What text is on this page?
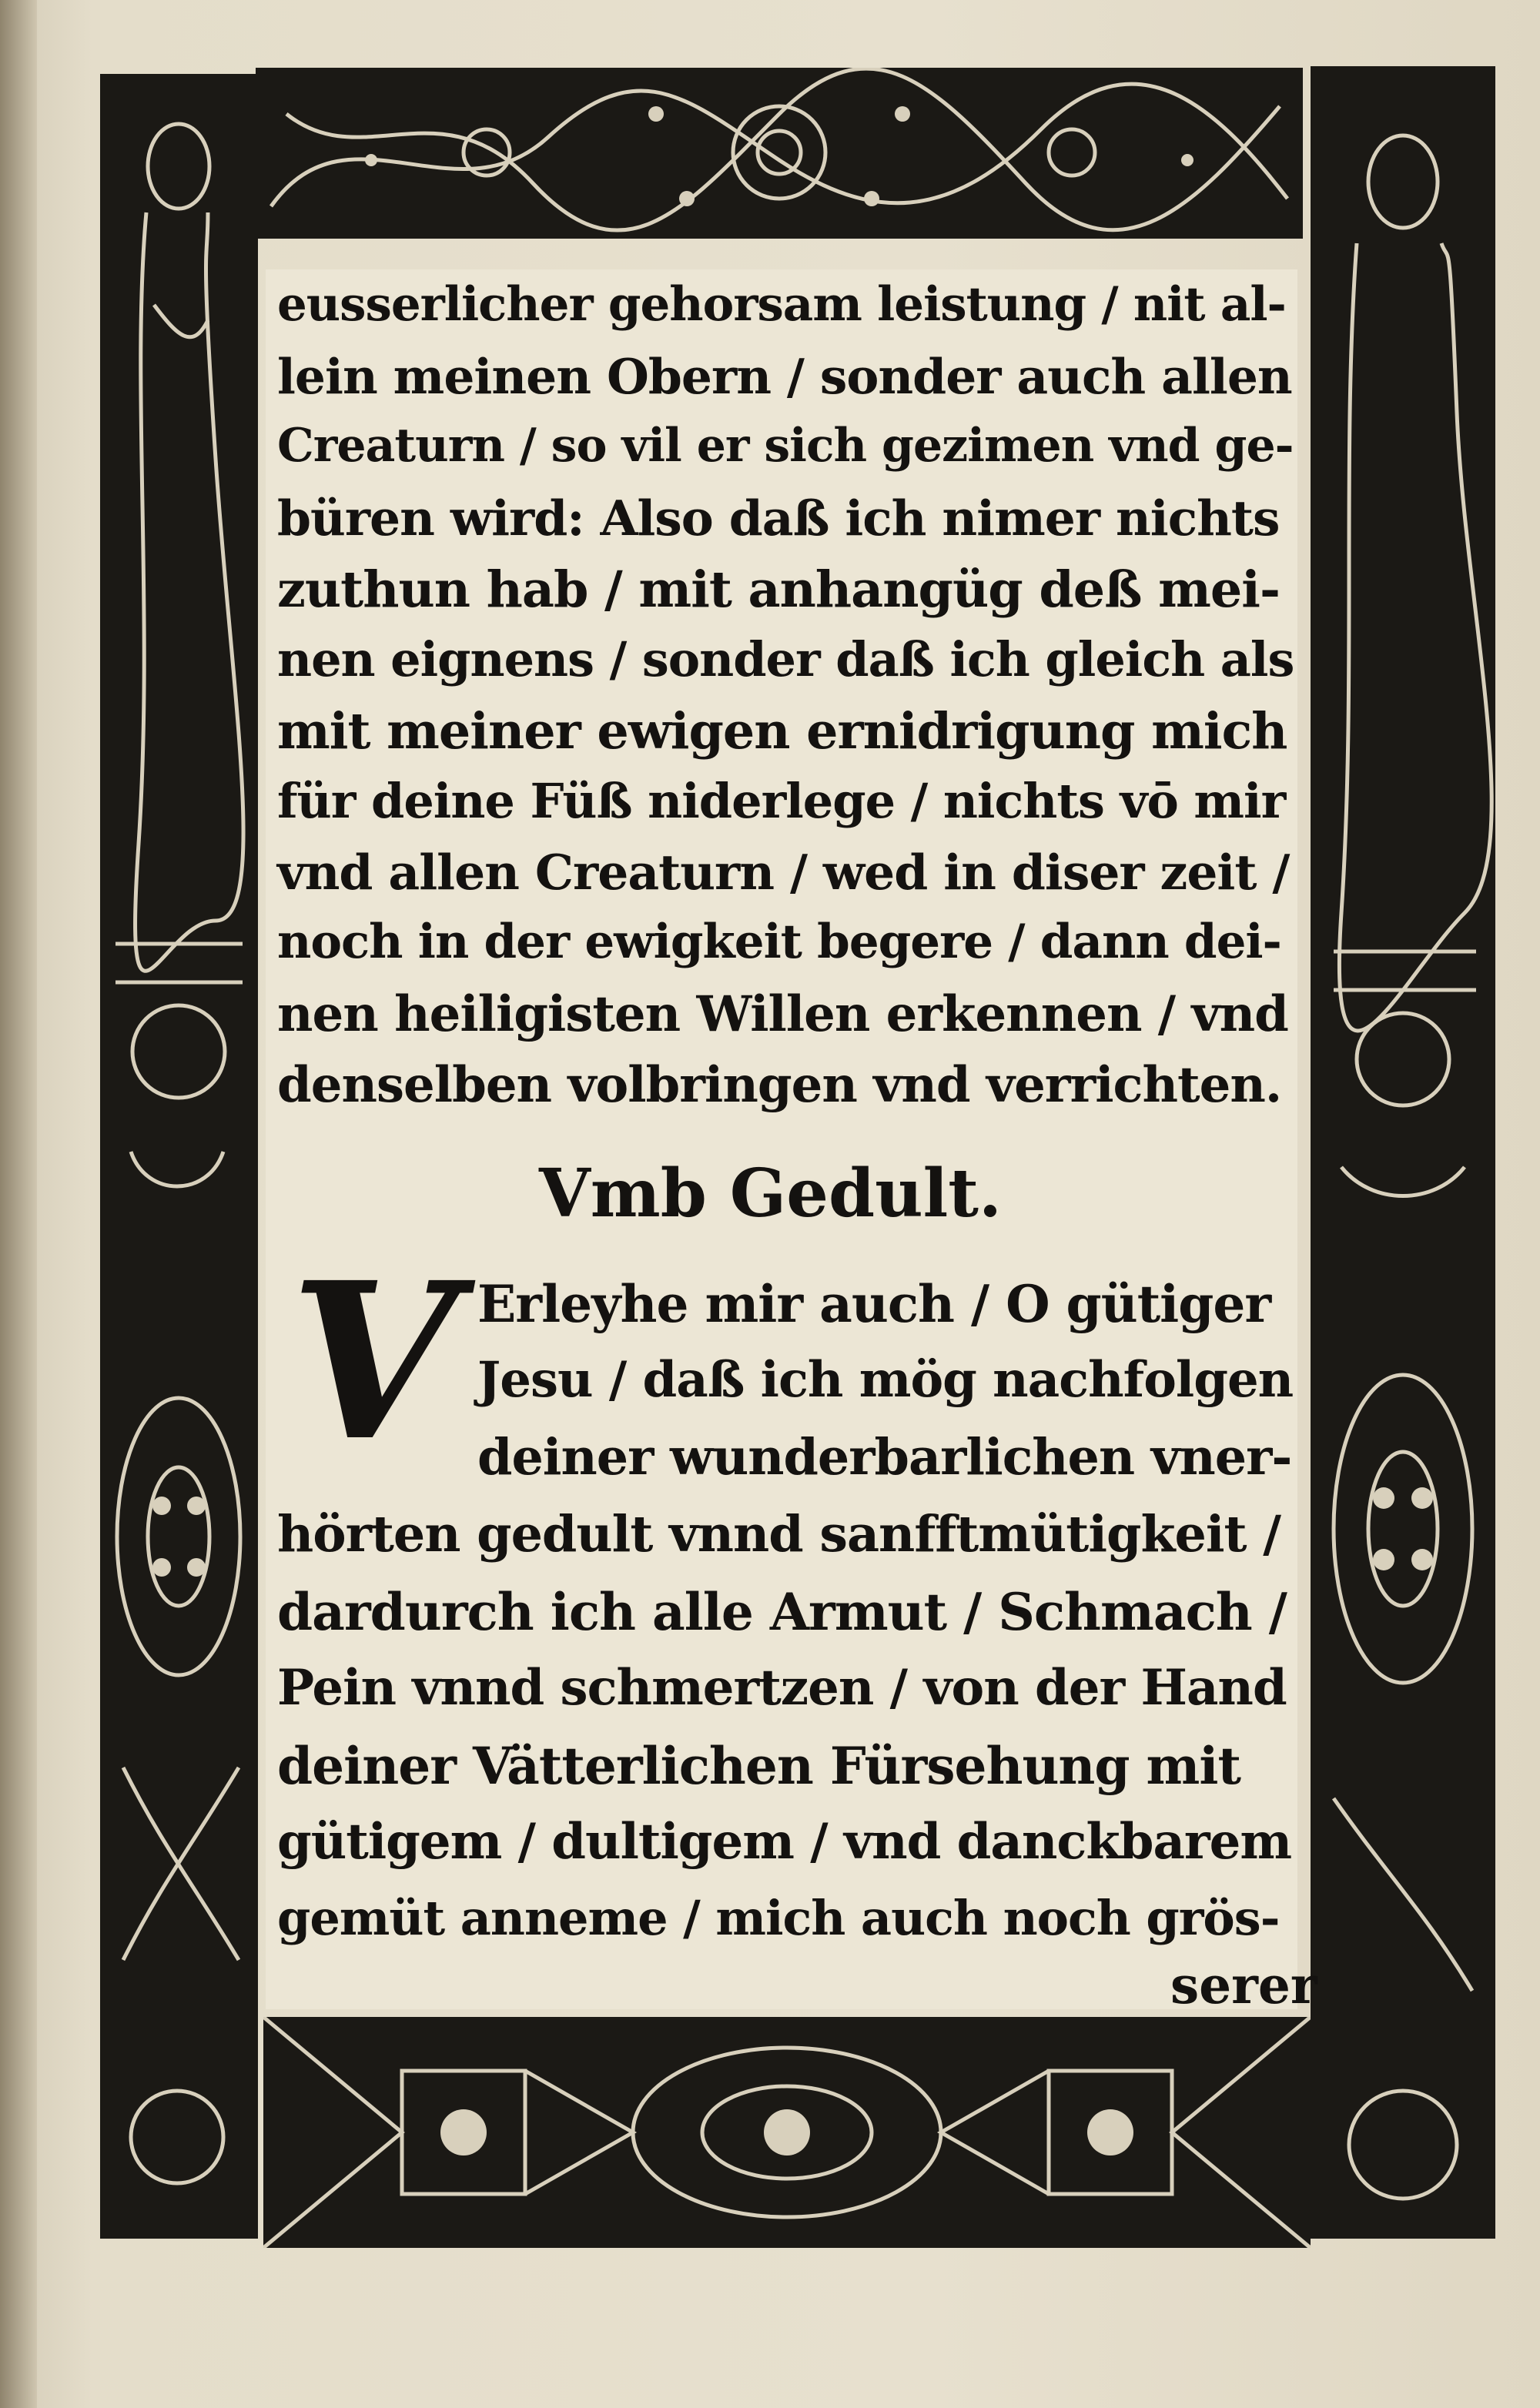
eusserlicher gehorsam leistung / nit al-
lein meinen Obern / sonder auch allen
Creaturn / so vil er sich gezimen vnd ge-
büren wird: Also daß ich nimer nichts
zuthun hab / mit anhangüg deß mei-
nen eignens / sonder daß ich gleich als
mit meiner ewigen ernidrigung mich
für deine Füß niderlege / nichts vō mir
vnd allen Creaturn / wed in diser zeit /
noch in der ewigkeit begere / dann dei-
nen heiligisten Willen erkennen / vnd
denselben volbringen vnd verrichten.
Vmb Gedult.
V Erleyhe mir auch / O gütiger
Jesu / daß ich mög nachfolgen
deiner wunderbarlichen vner-
hörten gedult vnnd sanfftmütigkeit /
dardurch ich alle Armut / Schmach /
Pein vnnd schmertzen / von der Hand
deiner Vätterlichen Fürsehung mit
gütigem / dultigem / vnd danckbarem
gemüt anneme / mich auch noch grös-
serer
